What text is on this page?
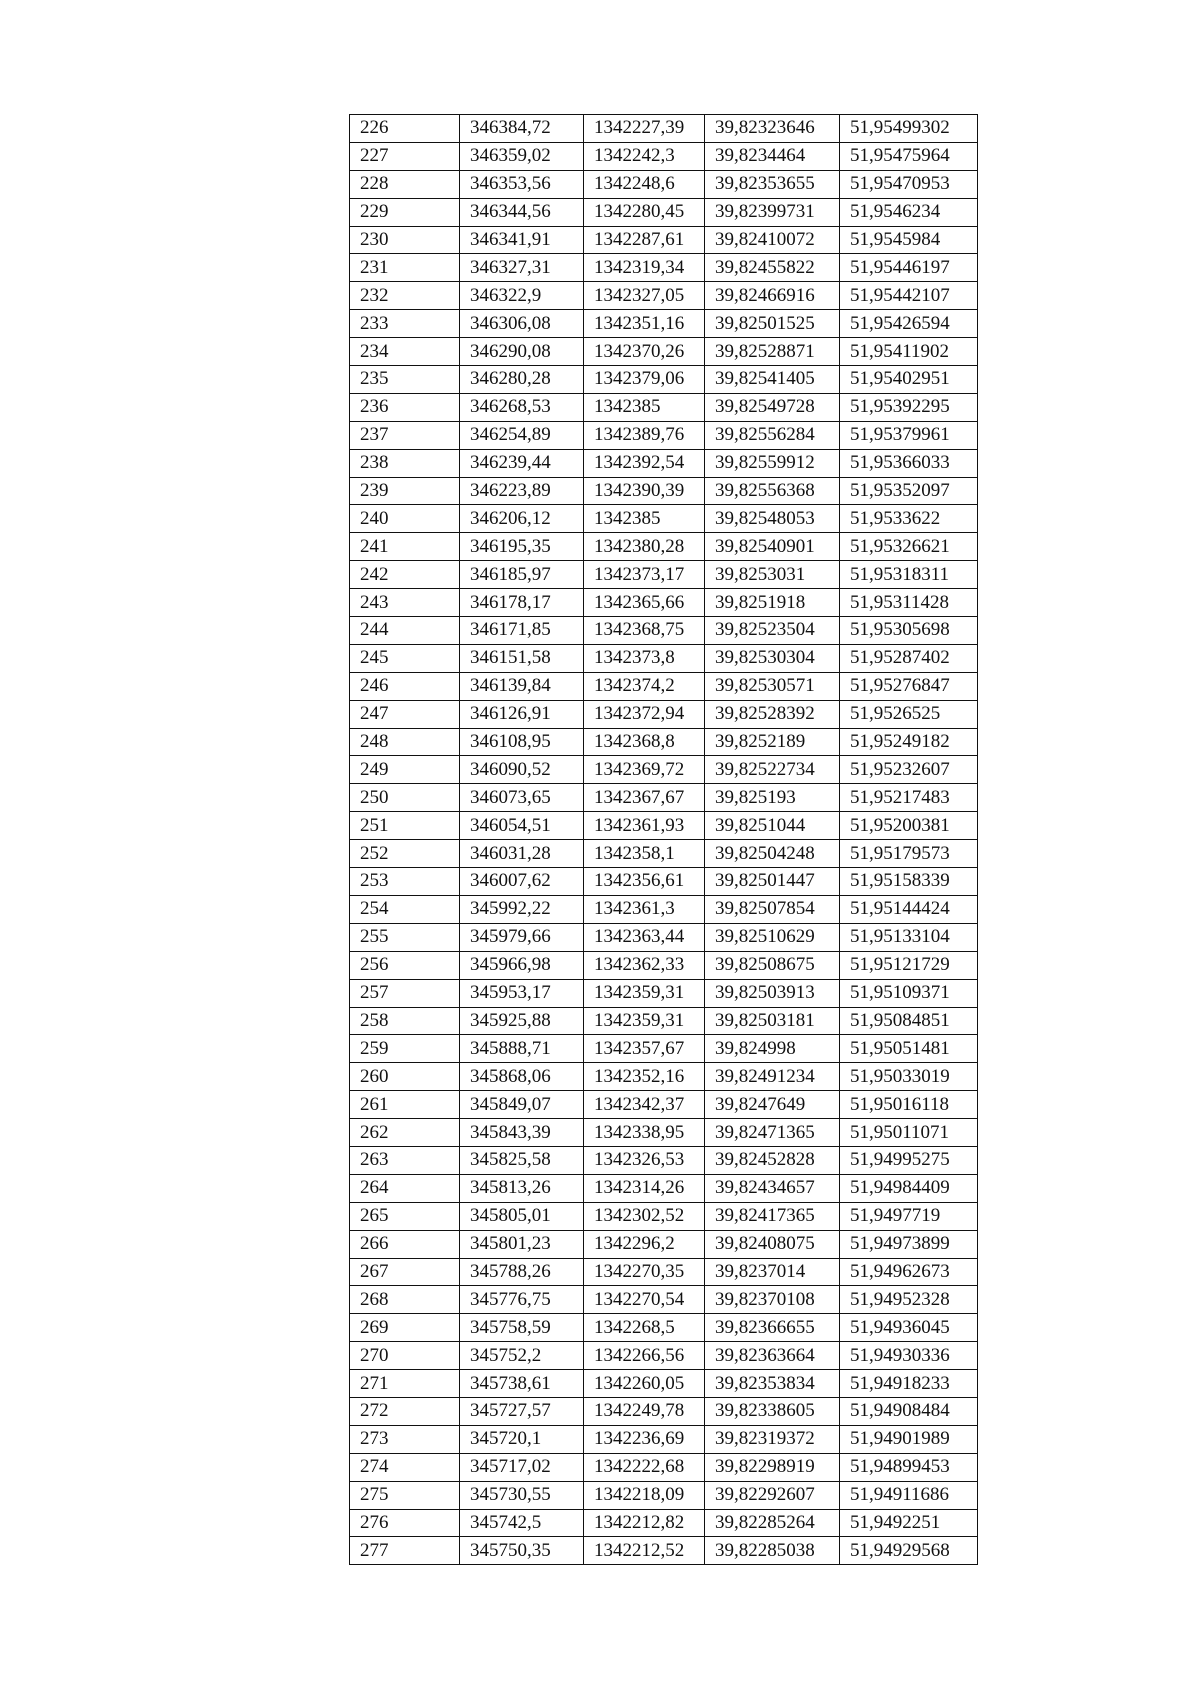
226	346384,72	1342227,39	39,82323646	51,95499302
227	346359,02	1342242,3	39,8234464	51,95475964
228	346353,56	1342248,6	39,82353655	51,95470953
229	346344,56	1342280,45	39,82399731	51,9546234
230	346341,91	1342287,61	39,82410072	51,9545984
231	346327,31	1342319,34	39,82455822	51,95446197
232	346322,9	1342327,05	39,82466916	51,95442107
233	346306,08	1342351,16	39,82501525	51,95426594
234	346290,08	1342370,26	39,82528871	51,95411902
235	346280,28	1342379,06	39,82541405	51,95402951
236	346268,53	1342385	39,82549728	51,95392295
237	346254,89	1342389,76	39,82556284	51,95379961
238	346239,44	1342392,54	39,82559912	51,95366033
239	346223,89	1342390,39	39,82556368	51,95352097
240	346206,12	1342385	39,82548053	51,9533622
241	346195,35	1342380,28	39,82540901	51,95326621
242	346185,97	1342373,17	39,8253031	51,95318311
243	346178,17	1342365,66	39,8251918	51,95311428
244	346171,85	1342368,75	39,82523504	51,95305698
245	346151,58	1342373,8	39,82530304	51,95287402
246	346139,84	1342374,2	39,82530571	51,95276847
247	346126,91	1342372,94	39,82528392	51,9526525
248	346108,95	1342368,8	39,8252189	51,95249182
249	346090,52	1342369,72	39,82522734	51,95232607
250	346073,65	1342367,67	39,825193	51,95217483
251	346054,51	1342361,93	39,8251044	51,95200381
252	346031,28	1342358,1	39,82504248	51,95179573
253	346007,62	1342356,61	39,82501447	51,95158339
254	345992,22	1342361,3	39,82507854	51,95144424
255	345979,66	1342363,44	39,82510629	51,95133104
256	345966,98	1342362,33	39,82508675	51,95121729
257	345953,17	1342359,31	39,82503913	51,95109371
258	345925,88	1342359,31	39,82503181	51,95084851
259	345888,71	1342357,67	39,824998	51,95051481
260	345868,06	1342352,16	39,82491234	51,95033019
261	345849,07	1342342,37	39,8247649	51,95016118
262	345843,39	1342338,95	39,82471365	51,95011071
263	345825,58	1342326,53	39,82452828	51,94995275
264	345813,26	1342314,26	39,82434657	51,94984409
265	345805,01	1342302,52	39,82417365	51,9497719
266	345801,23	1342296,2	39,82408075	51,94973899
267	345788,26	1342270,35	39,8237014	51,94962673
268	345776,75	1342270,54	39,82370108	51,94952328
269	345758,59	1342268,5	39,82366655	51,94936045
270	345752,2	1342266,56	39,82363664	51,94930336
271	345738,61	1342260,05	39,82353834	51,94918233
272	345727,57	1342249,78	39,82338605	51,94908484
273	345720,1	1342236,69	39,82319372	51,94901989
274	345717,02	1342222,68	39,82298919	51,94899453
275	345730,55	1342218,09	39,82292607	51,94911686
276	345742,5	1342212,82	39,82285264	51,9492251
277	345750,35	1342212,52	39,82285038	51,94929568
